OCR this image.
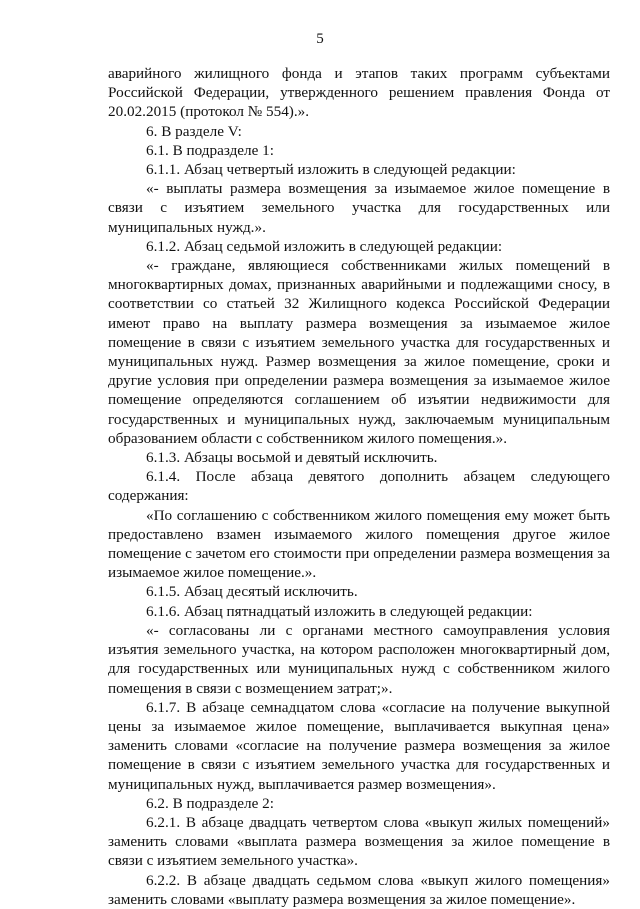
5

аварийного жилищного фонда и этапов таких программ субъектами Российской Федерации, утвержденного решением правления Фонда от 20.02.2015 (протокол № 554).».

6. В разделе V:

6.1. В подразделе 1:

6.1.1. Абзац четвертый изложить в следующей редакции:

«- выплаты размера возмещения за изымаемое жилое помещение в связи с изъятием земельного участка для государственных или муниципальных нужд.».

6.1.2. Абзац седьмой изложить в следующей редакции:

«- граждане, являющиеся собственниками жилых помещений в многоквартирных домах, признанных аварийными и подлежащими сносу, в соответствии со статьей 32 Жилищного кодекса Российской Федерации имеют право на выплату размера возмещения за изымаемое жилое помещение в связи с изъятием земельного участка для государственных и муниципальных нужд. Размер возмещения за жилое помещение, сроки и другие условия при определении размера возмещения за изымаемое жилое помещение определяются соглашением об изъятии недвижимости для государственных и муниципальных нужд, заключаемым муниципальным образованием области с собственником жилого помещения.».

6.1.3. Абзацы восьмой и девятый исключить.

6.1.4. После абзаца девятого дополнить абзацем следующего содержания:

«По соглашению с собственником жилого помещения ему может быть предоставлено взамен изымаемого жилого помещения другое жилое помещение с зачетом его стоимости при определении размера возмещения за изымаемое жилое помещение.».

6.1.5. Абзац десятый исключить.

6.1.6. Абзац пятнадцатый изложить в следующей редакции:

«- согласованы ли с органами местного самоуправления условия изъятия земельного участка, на котором расположен многоквартирный дом, для государственных или муниципальных нужд с собственником жилого помещения в связи с возмещением затрат;».

6.1.7. В абзаце семнадцатом слова «согласие на получение выкупной цены за изымаемое жилое помещение, выплачивается выкупная цена» заменить словами «согласие на получение размера возмещения за жилое помещение в связи с изъятием земельного участка для государственных и муниципальных нужд, выплачивается размер возмещения».

6.2. В подразделе 2:

6.2.1. В абзаце двадцать четвертом слова «выкуп жилых помещений» заменить словами «выплата размера возмещения за жилое помещение в связи с изъятием земельного участка».

6.2.2. В абзаце двадцать седьмом слова «выкуп жилого помещения» заменить словами «выплату размера возмещения за жилое помещение».
